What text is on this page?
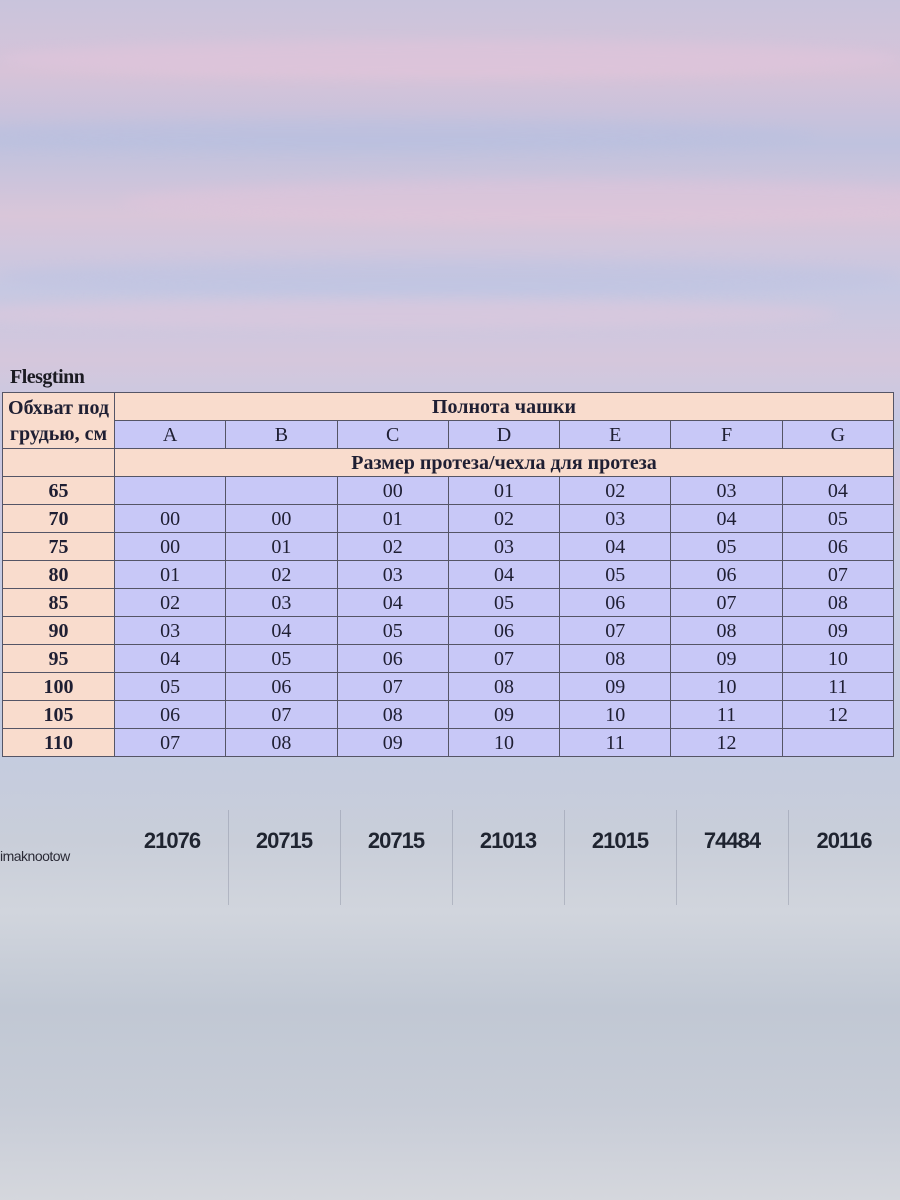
Flesgtinn
Обхват под грудью, см	Полнота чашки						
	A	B	C	D	E	F	G
	Размер протеза/чехла для протеза						
65			00	01	02	03	04
70	00	00	01	02	03	04	05
75	00	01	02	03	04	05	06
80	01	02	03	04	05	06	07
85	02	03	04	05	06	07	08
90	03	04	05	06	07	08	09
95	04	05	06	07	08	09	10
100	05	06	07	08	09	10	11
105	06	07	08	09	10	11	12
110	07	08	09	10	11	12	
imaknootow
21076	20715	20715	21013	21015	74484	20116
